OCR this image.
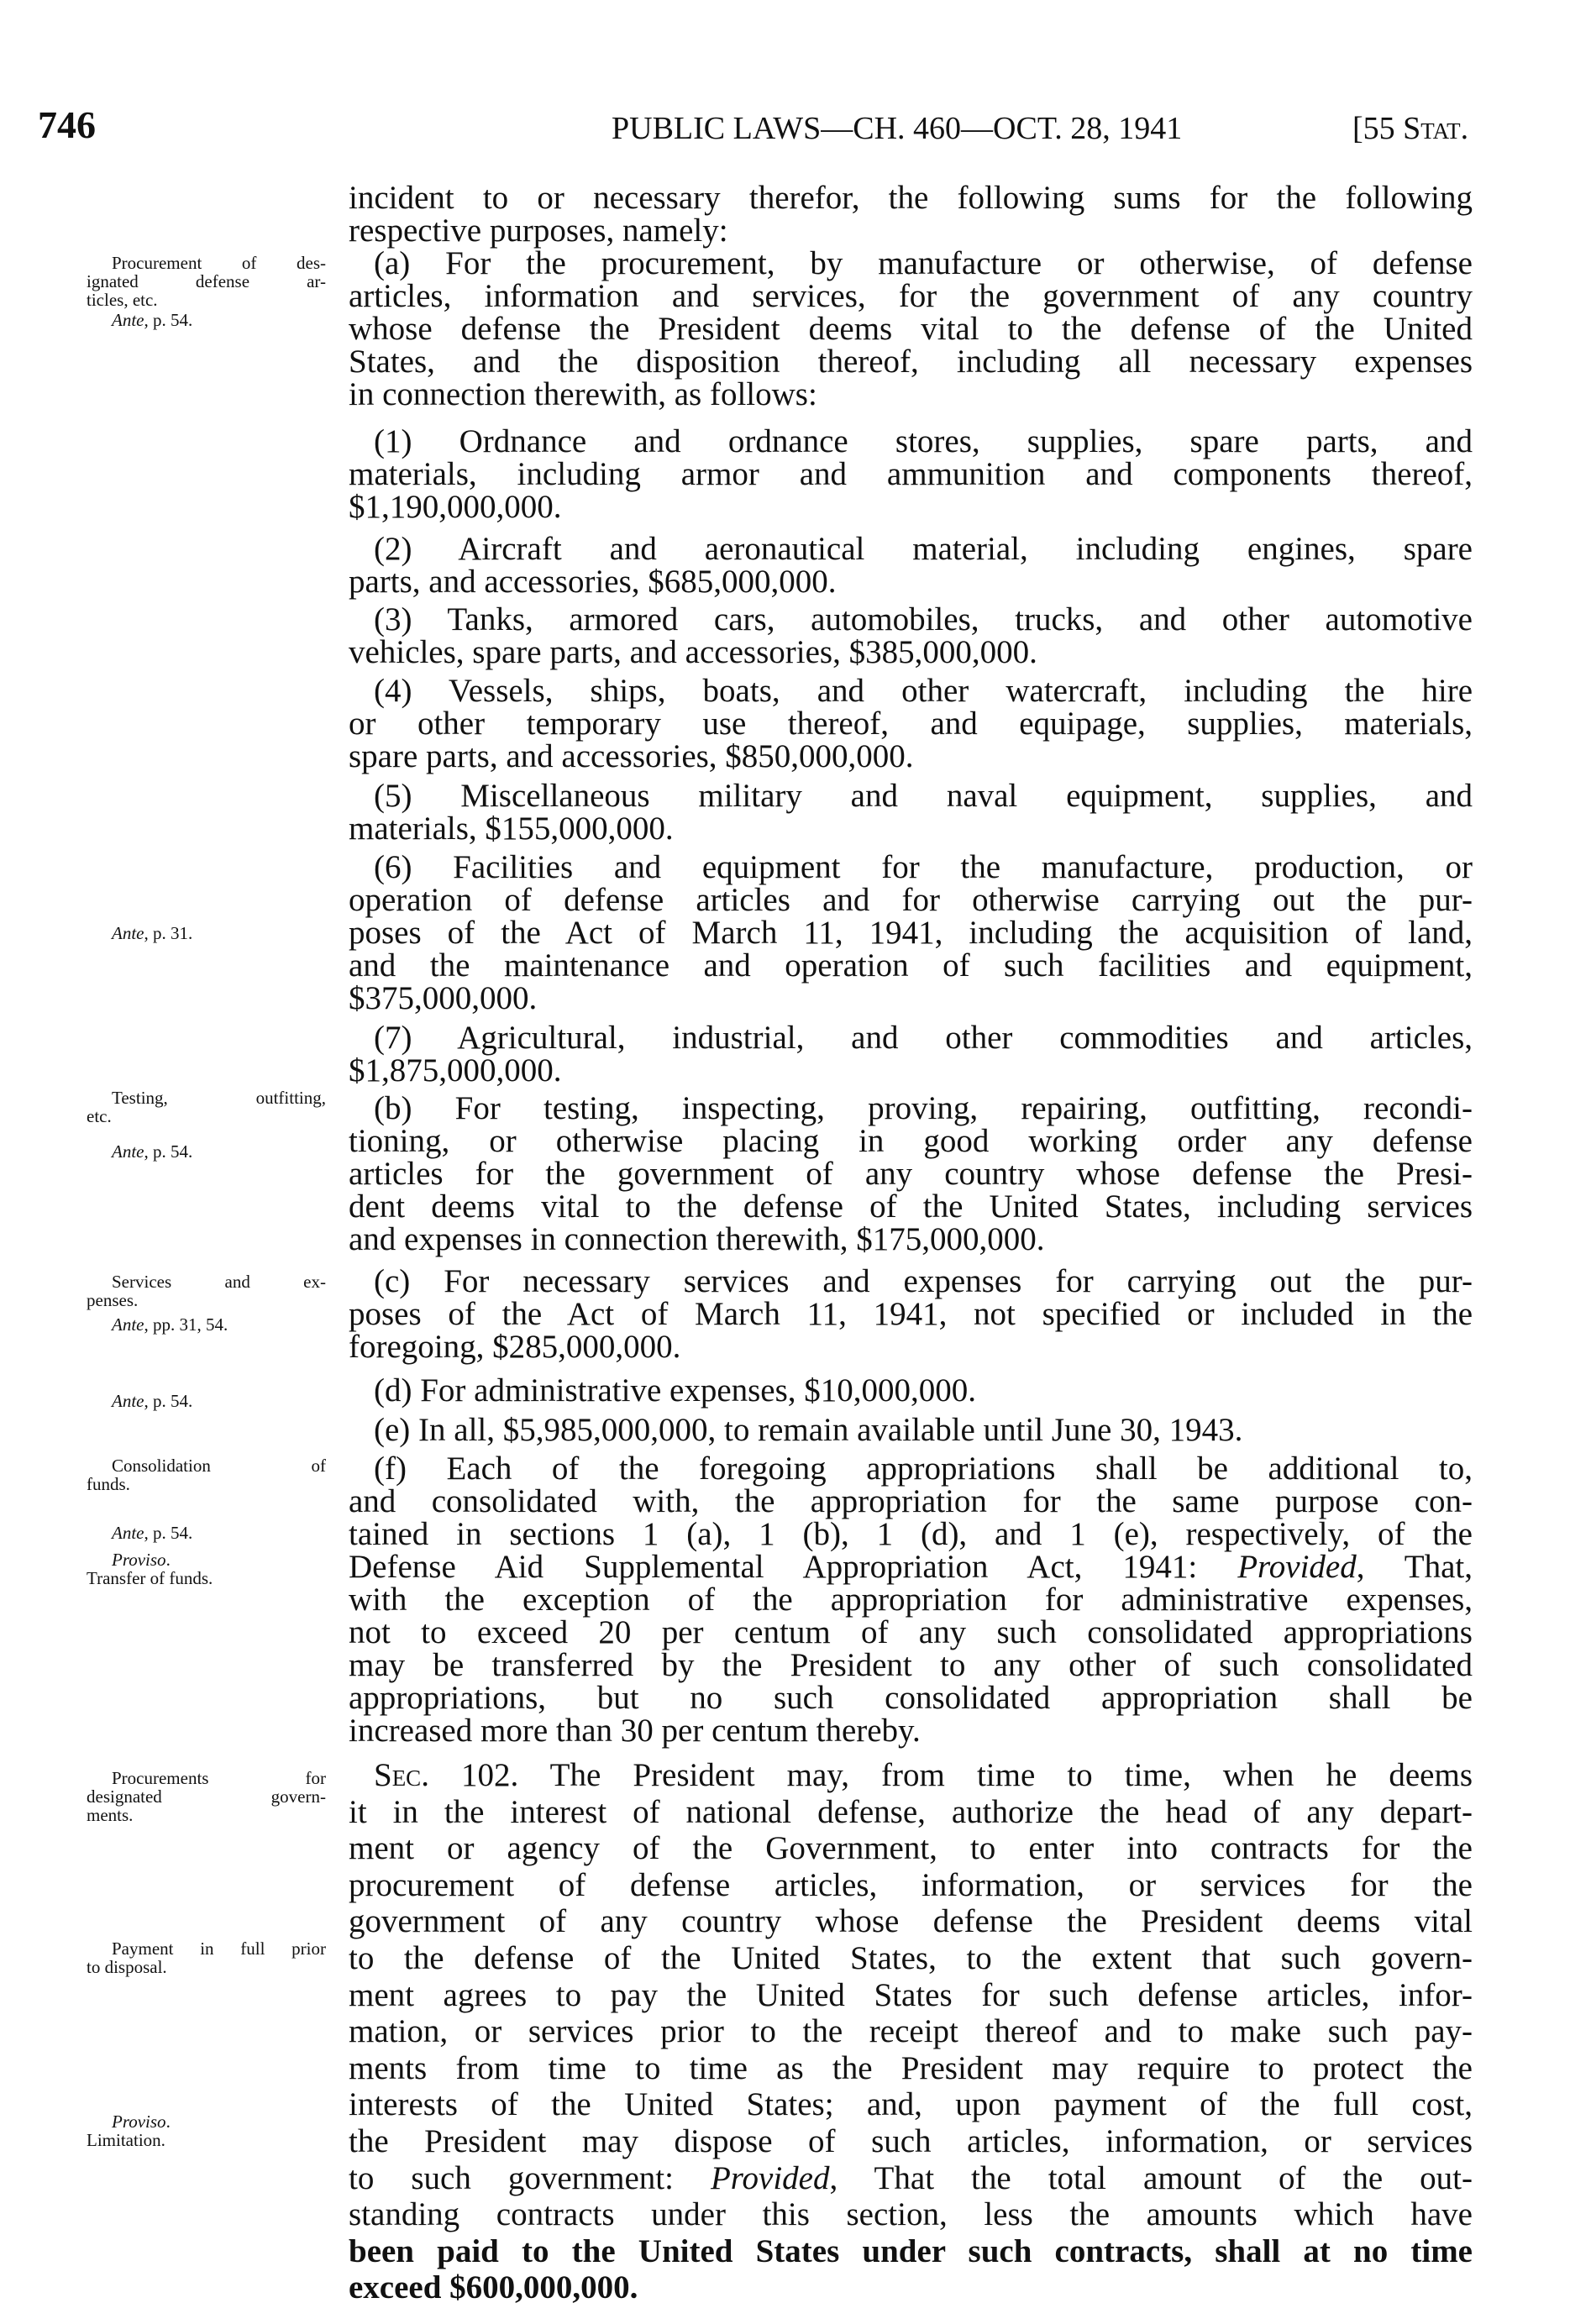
746	PUBLIC LAWS—CH. 460—OCT. 28, 1941	[55 Stat.
incident to or necessary therefor, the following sums for the following
respective purposes, namely:
(a) For the procurement, by manufacture or otherwise, of defense
articles, information and services, for the government of any country
whose defense the President deems vital to the defense of the United
States, and the disposition thereof, including all necessary expenses
in connection therewith, as follows:
(1) Ordnance and ordnance stores, supplies, spare parts, and
materials, including armor and ammunition and components thereof,
$1,190,000,000.
(2) Aircraft and aeronautical material, including engines, spare
parts, and accessories, $685,000,000.
(3) Tanks, armored cars, automobiles, trucks, and other automotive
vehicles, spare parts, and accessories, $385,000,000.
(4) Vessels, ships, boats, and other watercraft, including the hire
or other temporary use thereof, and equipage, supplies, materials,
spare parts, and accessories, $850,000,000.
(5) Miscellaneous military and naval equipment, supplies, and
materials, $155,000,000.
(6) Facilities and equipment for the manufacture, production, or
operation of defense articles and for otherwise carrying out the pur-
poses of the Act of March 11, 1941, including the acquisition of land,
and the maintenance and operation of such facilities and equipment,
$375,000,000.
(7) Agricultural, industrial, and other commodities and articles,
$1,875,000,000.
(b) For testing, inspecting, proving, repairing, outfitting, recondi-
tioning, or otherwise placing in good working order any defense
articles for the government of any country whose defense the Presi-
dent deems vital to the defense of the United States, including services
and expenses in connection therewith, $175,000,000.
(c) For necessary services and expenses for carrying out the pur-
poses of the Act of March 11, 1941, not specified or included in the
foregoing, $285,000,000.
(d) For administrative expenses, $10,000,000.
(e) In all, $5,985,000,000, to remain available until June 30, 1943.
(f) Each of the foregoing appropriations shall be additional to,
and consolidated with, the appropriation for the same purpose con-
tained in sections 1 (a), 1 (b), 1 (d), and 1 (e), respectively, of the
Defense Aid Supplemental Appropriation Act, 1941: Provided, That,
with the exception of the appropriation for administrative expenses,
not to exceed 20 per centum of any such consolidated appropriations
may be transferred by the President to any other of such consolidated
appropriations, but no such consolidated appropriation shall be
increased more than 30 per centum thereby.
Sec. 102. The President may, from time to time, when he deems
it in the interest of national defense, authorize the head of any depart-
ment or agency of the Government, to enter into contracts for the
procurement of defense articles, information, or services for the
government of any country whose defense the President deems vital
to the defense of the United States, to the extent that such govern-
ment agrees to pay the United States for such defense articles, infor-
mation, or services prior to the receipt thereof and to make such pay-
ments from time to time as the President may require to protect the
interests of the United States; and, upon payment of the full cost,
the President may dispose of such articles, information, or services
to such government: Provided, That the total amount of the out-
standing contracts under this section, less the amounts which have
been paid to the United States under such contracts, shall at no time
exceed $600,000,000.
Procurement of des-
ignated defense ar-
ticles, etc.
Ante, p. 54.
Ante, p. 31.
Testing, outfitting,
etc.
Ante, p. 54.
Services and ex-
penses.
Ante, pp. 31, 54.
Ante, p. 54.
Consolidation of
funds.
Ante, p. 54.
Proviso.
Transfer of funds.
Procurements for
designated govern-
ments.
Payment in full prior
to disposal.
Proviso.
Limitation.
